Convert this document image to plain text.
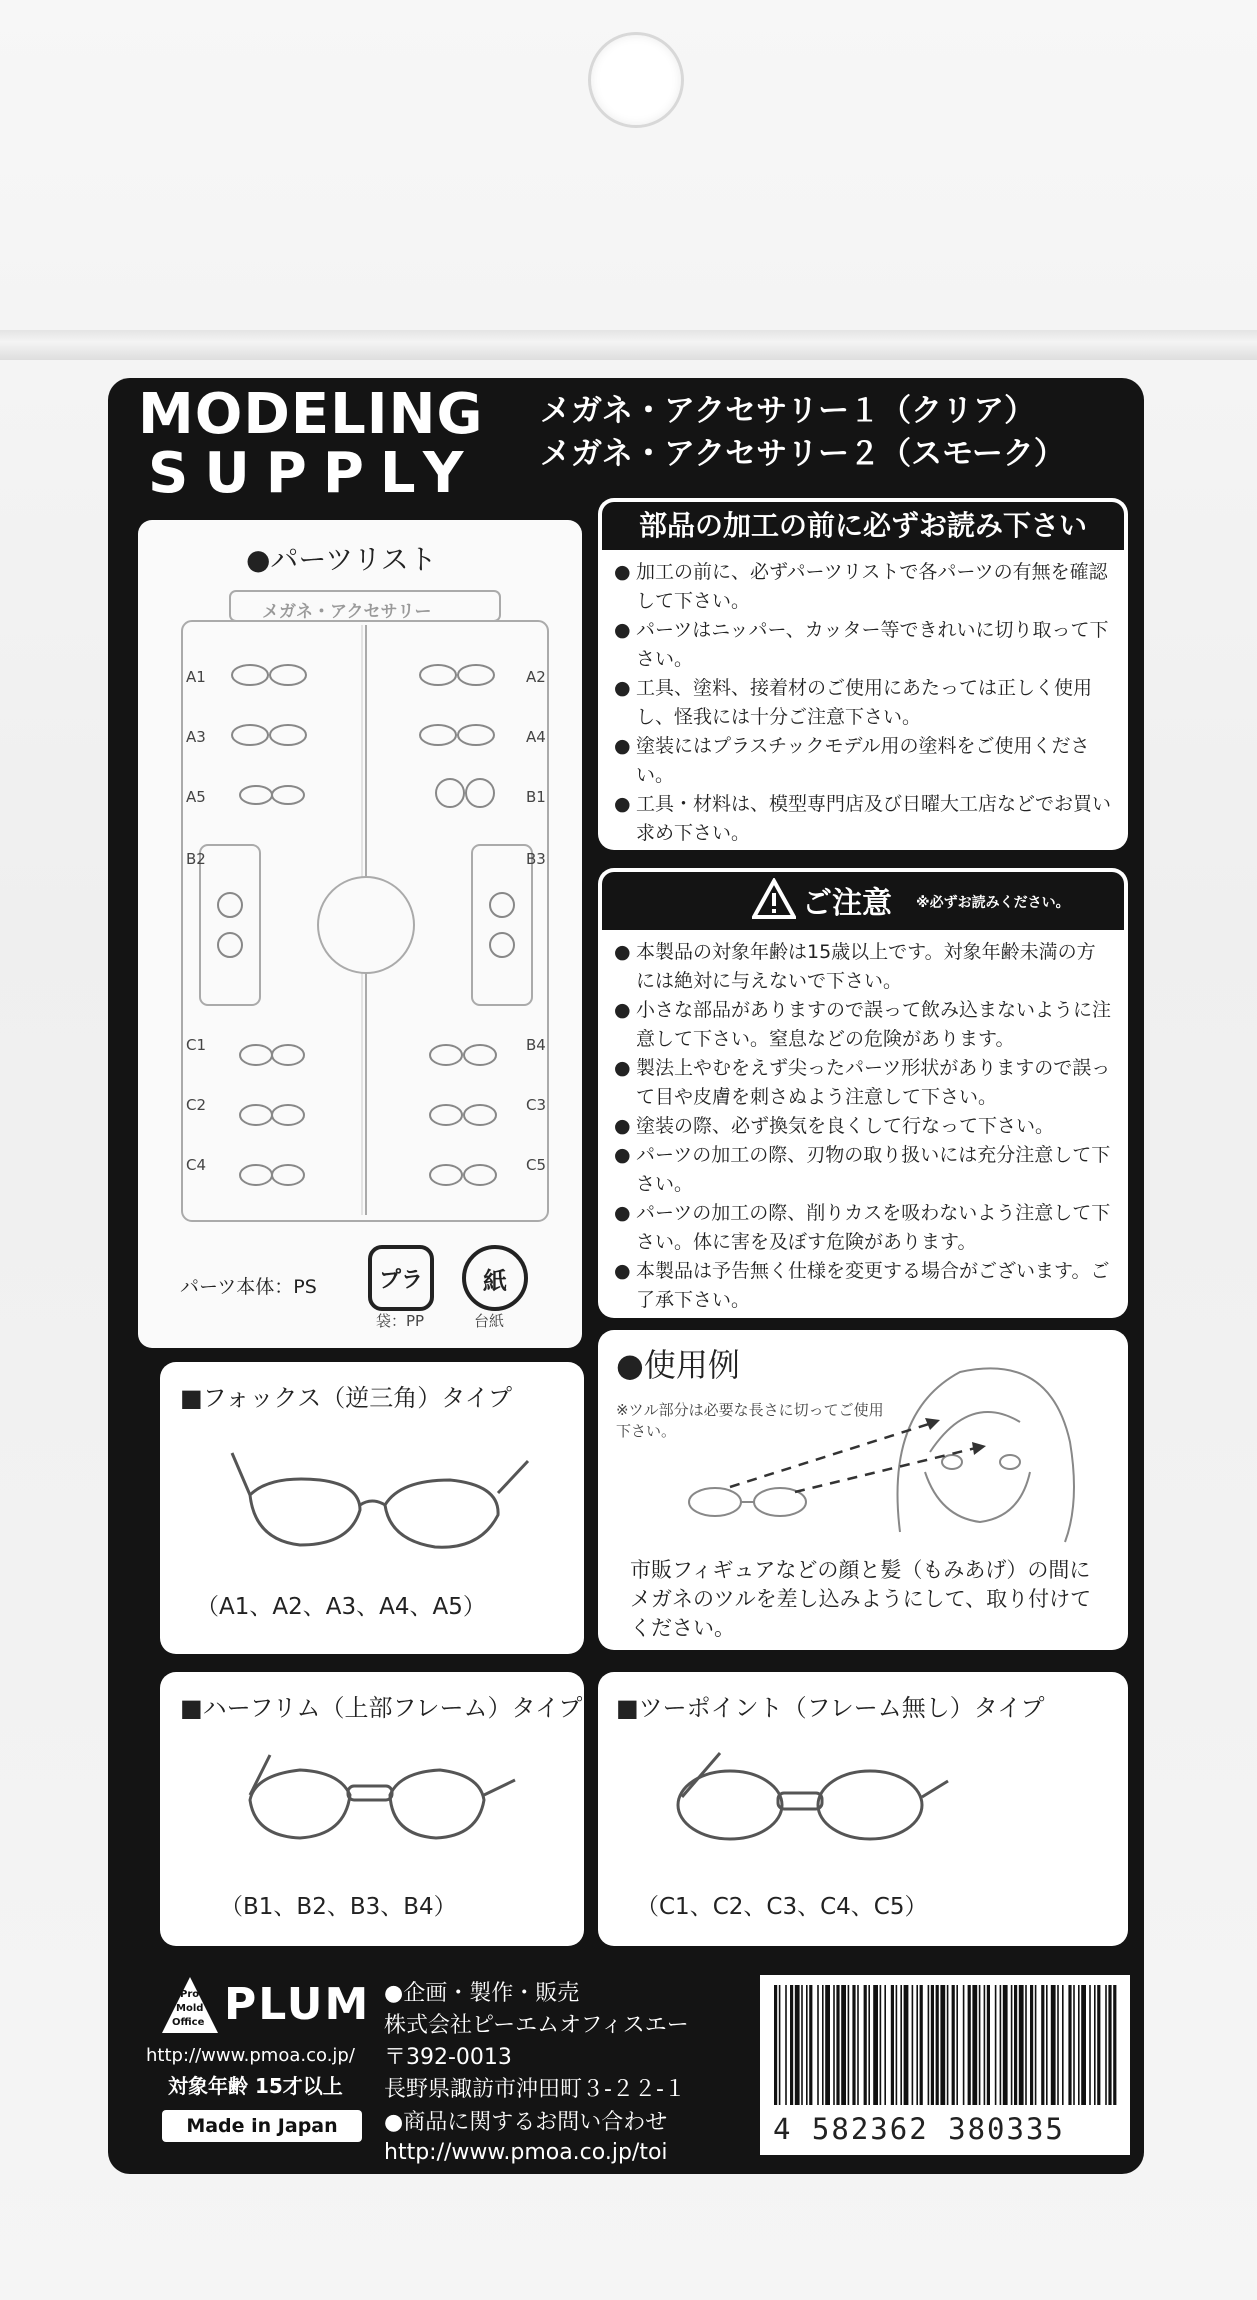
MODELING
SUPPLY
メガネ・アクセサリー１（クリア）
メガネ・アクセサリー２（スモーク）
●パーツリスト
メガネ・アクセサリー
A1	A2
A3	A4
A5	B1
B2	B3
C1	B4
C2	C3
C4	C5
パーツ本体：PS	プラ
袋：PP
紙
台紙
部品の加工の前に必ずお読み下さい

● 加工の前に、必ずパーツリストで各パーツの有無を確認して下さい。

● パーツはニッパー、カッター等できれいに切り取って下さい。

● 工具、塗料、接着材のご使用にあたっては正しく使用し、怪我には十分ご注意下さい。

● 塗装にはプラスチックモデル用の塗料をご使用ください。

● 工具・材料は、模型専門店及び日曜大工店などでお買い求め下さい。

ご注意 ※必ずお読みください。

● 本製品の対象年齢は15歳以上です。対象年齢未満の方には絶対に与えないで下さい。

● 小さな部品がありますので誤って飲み込まないように注意して下さい。窒息などの危険があります。

● 製法上やむをえず尖ったパーツ形状がありますので誤って目や皮膚を刺さぬよう注意して下さい。

● 塗装の際、必ず換気を良くして行なって下さい。

● パーツの加工の際、刃物の取り扱いには充分注意して下さい。

● パーツの加工の際、削りカスを吸わないよう注意して下さい。体に害を及ぼす危険があります。

● 本製品は予告無く仕様を変更する場合がございます。ご了承下さい。

●使用例
※ツル部分は必要な長さに切ってご使用下さい。
市販フィギュアなどの顔と髪（もみあげ）の間にメガネのツルを差し込みようにして、取り付けてください。
■フォックス（逆三角）タイプ
（A1、A2、A3、A4、A5）
■ハーフリム（上部フレーム）タイプ
（B1、B2、B3、B4）
■ツーポイント（フレーム無し）タイプ
（C1、C2、C3、C4、C5）
Pro
Mold
Office PLUM
http://www.pmoa.co.jp/
対象年齢 15才以上
Made in Japan
●企画・製作・販売
株式会社ピーエムオフィスエー
〒392-0013
長野県諏訪市沖田町３-２２-１
●商品に関するお問い合わせ
http://www.pmoa.co.jp/toi
4 582362 380335
